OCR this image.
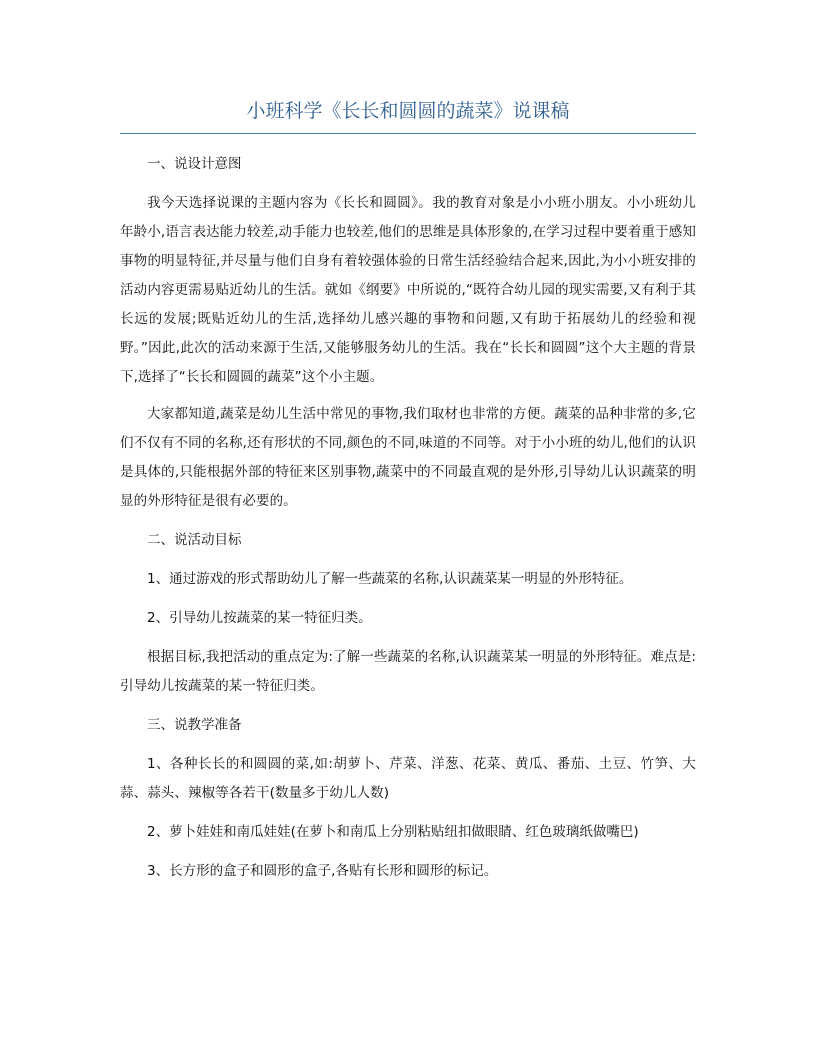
小班科学《长长和圆圆的蔬菜》说课稿

一、说设计意图

我今天选择说课的主题内容为《长长和圆圆》。我的教育对象是小小班小朋友。小小班幼儿年龄小,语言表达能力较差,动手能力也较差,他们的思维是具体形象的,在学习过程中要着重于感知事物的明显特征,并尽量与他们自身有着较强体验的日常生活经验结合起来,因此,为小小班安排的活动内容更需易贴近幼儿的生活。就如《纲要》中所说的,“既符合幼儿园的现实需要,又有利于其长远的发展;既贴近幼儿的生活,选择幼儿感兴趣的事物和问题,又有助于拓展幼儿的经验和视野。”因此,此次的活动来源于生活,又能够服务幼儿的生活。我在“长长和圆圆”这个大主题的背景下,选择了“长长和圆圆的蔬菜”这个小主题。

大家都知道,蔬菜是幼儿生活中常见的事物,我们取材也非常的方便。蔬菜的品种非常的多,它们不仅有不同的名称,还有形状的不同,颜色的不同,味道的不同等。对于小小班的幼儿,他们的认识是具体的,只能根据外部的特征来区别事物,蔬菜中的不同最直观的是外形,引导幼儿认识蔬菜的明显的外形特征是很有必要的。

二、说活动目标

1、通过游戏的形式帮助幼儿了解一些蔬菜的名称,认识蔬菜某一明显的外形特征。

2、引导幼儿按蔬菜的某一特征归类。

根据目标,我把活动的重点定为:了解一些蔬菜的名称,认识蔬菜某一明显的外形特征。难点是:引导幼儿按蔬菜的某一特征归类。

三、说教学准备

1、各种长长的和圆圆的菜,如:胡萝卜、芹菜、洋葱、花菜、黄瓜、番茄、土豆、竹笋、大蒜、蒜头、辣椒等各若干(数量多于幼儿人数)

2、萝卜娃娃和南瓜娃娃(在萝卜和南瓜上分别粘贴纽扣做眼睛、红色玻璃纸做嘴巴)

3、长方形的盒子和圆形的盒子,各贴有长形和圆形的标记。
